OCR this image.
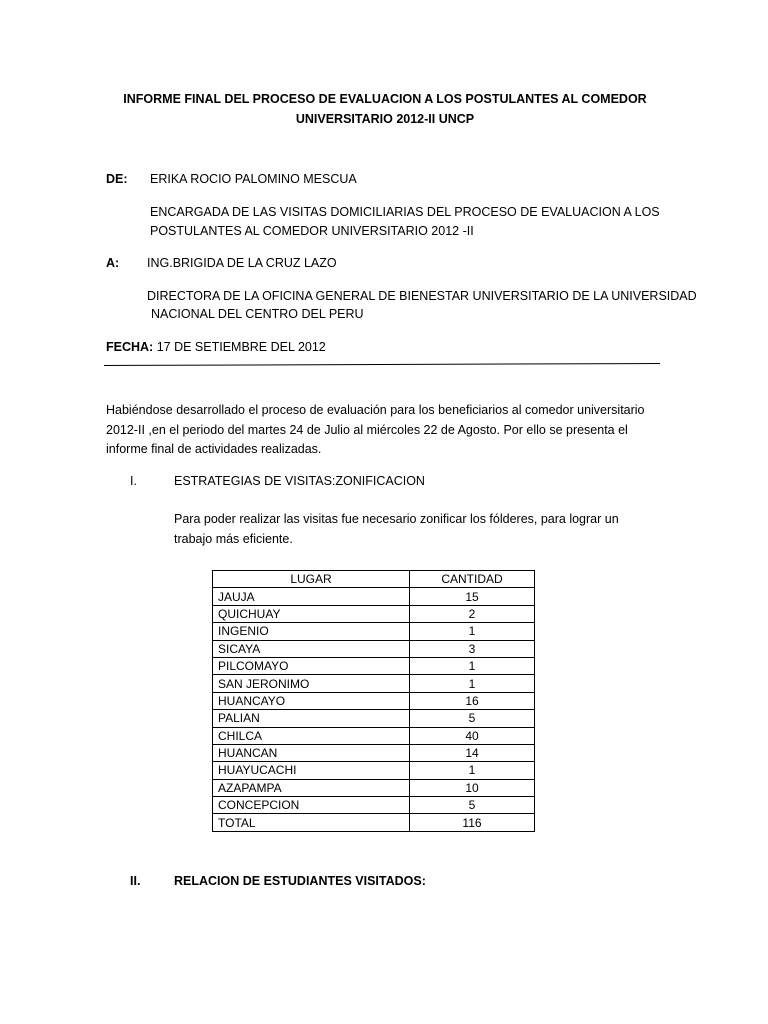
INFORME FINAL DEL PROCESO DE EVALUACION A LOS POSTULANTES AL COMEDOR
UNIVERSITARIO 2012-II UNCP
DE: ERIKA ROCIO PALOMINO MESCUA
ENCARGADA DE LAS VISITAS DOMICILIARIAS DEL PROCESO DE EVALUACION A LOS
POSTULANTES AL COMEDOR UNIVERSITARIO 2012 -II
A: ING.BRIGIDA DE LA CRUZ LAZO
DIRECTORA DE LA OFICINA GENERAL DE BIENESTAR UNIVERSITARIO DE LA UNIVERSIDAD
NACIONAL DEL CENTRO DEL PERU
FECHA: 17 DE SETIEMBRE DEL 2012
Habiéndose desarrollado el proceso de evaluación para los beneficiarios al comedor universitario
2012-II ,en el periodo del martes 24 de Julio al miércoles 22 de Agosto. Por ello se presenta el
informe final de actividades realizadas.
I.	ESTRATEGIAS DE VISITAS:ZONIFICACION
Para poder realizar las visitas fue necesario zonificar los fólderes, para lograr un
trabajo más eficiente.
LUGAR	CANTIDAD
JAUJA	15
QUICHUAY	2
INGENIO	1
SICAYA	3
PILCOMAYO	1
SAN JERONIMO	1
HUANCAYO	16
PALIAN	5
CHILCA	40
HUANCAN	14
HUAYUCACHI	1
AZAPAMPA	10
CONCEPCION	5
TOTAL	116
II.	RELACION DE ESTUDIANTES VISITADOS:
